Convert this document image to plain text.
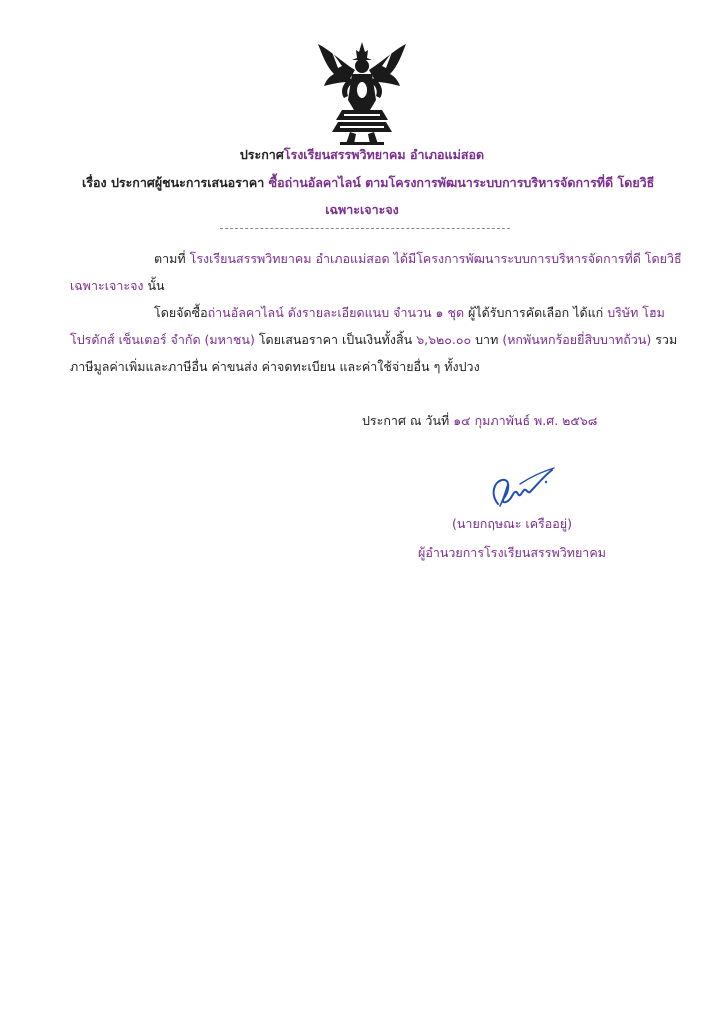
ประกาศโรงเรียนสรรพวิทยาคม อำเภอแม่สอด
เรื่อง ประกาศผู้ชนะการเสนอราคา ซื้อถ่านอัลคาไลน์ ตามโครงการพัฒนาระบบการบริหารจัดการที่ดี โดยวิธี
เฉพาะเจาะจง
ตามที่ โรงเรียนสรรพวิทยาคม อำเภอแม่สอด ได้มีโครงการพัฒนาระบบการบริหารจัดการที่ดี โดยวิธี
เฉพาะเจาะจง นั้น
โดยจัดซื้อถ่านอัลคาไลน์ ดังรายละเอียดแนบ จำนวน ๑ ชุด ผู้ได้รับการคัดเลือก ได้แก่ บริษัท โฮม
โปรดักส์ เซ็นเตอร์ จำกัด (มหาชน) โดยเสนอราคา เป็นเงินทั้งสิ้น ๖,๖๒๐.๐๐ บาท (หกพันหกร้อยยี่สิบบาทถ้วน) รวม
ภาษีมูลค่าเพิ่มและภาษีอื่น ค่าขนส่ง ค่าจดทะเบียน และค่าใช้จ่ายอื่น ๆ ทั้งปวง
ประกาศ ณ วันที่ ๑๔ กุมภาพันธ์ พ.ศ. ๒๕๖๘
(นายกฤษณะ เครืออยู่)
ผู้อำนวยการโรงเรียนสรรพวิทยาคม
